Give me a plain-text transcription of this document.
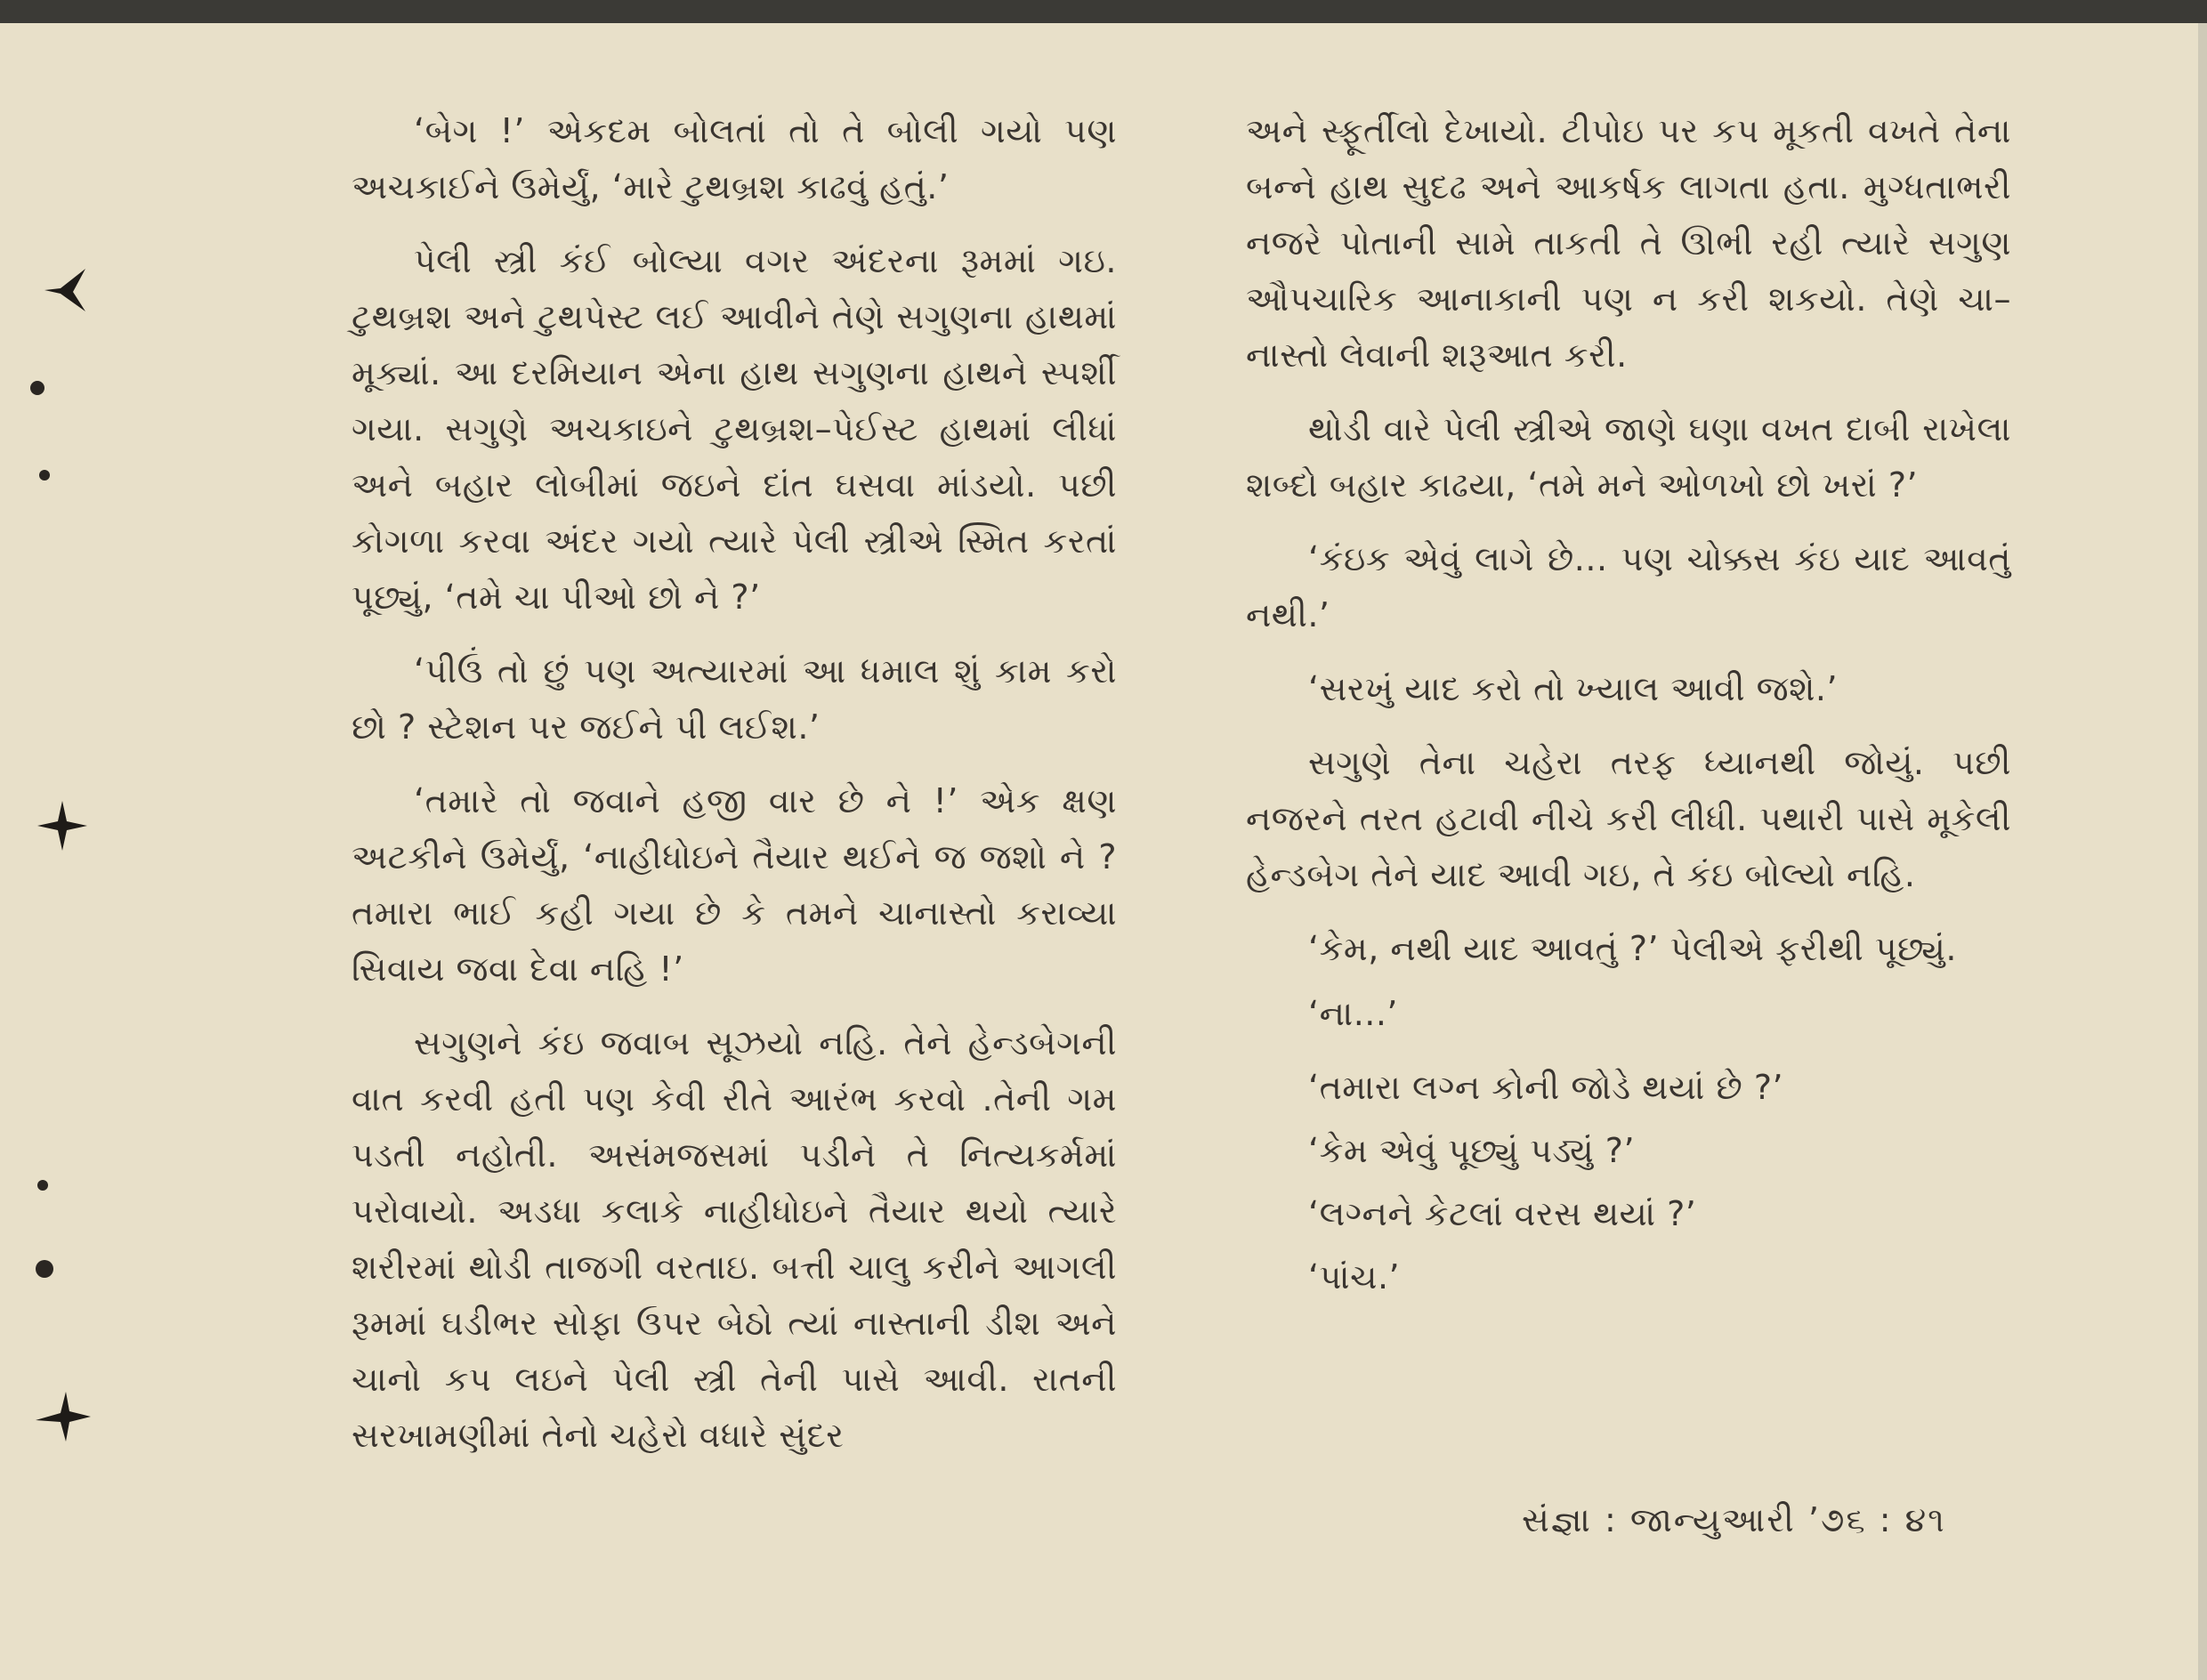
‘બેગ !’ એકદમ બોલતાં તો તે બોલી ગયો પણ અચકાઈને ઉમેર્યું, ‘મારે ટુથબ્રશ કાઢવું હતું.’

પેલી સ્ત્રી કંઈ બોલ્યા વગર અંદરના રૂમમાં ગઇ. ટુથબ્રશ અને ટુથપેસ્ટ લઈ આવીને તેણે સગુણના હાથમાં મૂક્યાં. આ દરમિયાન એના હાથ સગુણના હાથને સ્પર્શી ગયા. સગુણે અચકાઇને ટુથબ્રશ–પેઈસ્ટ હાથમાં લીધાં અને બહાર લોબીમાં જઇને દાંત ઘસવા માંડયો. પછી કોગળા કરવા અંદર ગયો ત્યારે પેલી સ્ત્રીએ સ્મિત કરતાં પૂછ્યું, ‘તમે ચા પીઓ છો ને ?’

‘પીઉં તો છું પણ અત્યારમાં આ ધમાલ શું કામ કરો છો ? સ્ટેશન પર જઈને પી લઈશ.’

‘તમારે તો જવાને હજી વાર છે ને !’ એક ક્ષણ અટકીને ઉમેર્યું, ‘નાહીધોઇને તૈયાર થઈને જ જશો ને ? તમારા ભાઈ કહી ગયા છે કે તમને ચાનાસ્તો કરાવ્યા સિવાય જવા દેવા નહિ !’

સગુણને કંઇ જવાબ સૂઝયો નહિ. તેને હેન્ડબેગની વાત કરવી હતી પણ કેવી રીતે આરંભ કરવો .તેની ગમ પડતી નહોતી. અસંમજસમાં પડીને તે નિત્યકર્મમાં પરોવાયો. અડધા કલાકે નાહીધોઇને તૈયાર થયો ત્યારે શરીરમાં થોડી તાજગી વરતાઇ. બત્તી ચાલુ કરીને આગલી રૂમમાં ઘડીભર સોફા ઉપર બેઠો ત્યાં નાસ્તાની ડીશ અને ચાનો કપ લઇને પેલી સ્ત્રી તેની પાસે આવી. રાતની સરખામણીમાં તેનો ચહેરો વધારે સુંદર

અને સ્ફૂર્તીલો દેખાયો. ટીપોઇ પર કપ મૂકતી વખતે તેના બન્ને હાથ સુદઢ અને આકર્ષક લાગતા હતા. મુગ્ધતાભરી નજરે પોતાની સામે તાકતી તે ઊભી રહી ત્યારે સગુણ ઔપચારિક આનાકાની પણ ન કરી શકયો. તેણે ચા–નાસ્તો લેવાની શરૂઆત કરી.

થોડી વારે પેલી સ્ત્રીએ જાણે ઘણા વખત દાબી રાખેલા શબ્દો બહાર કાઢયા, ‘તમે મને ઓળખો છો ખરાં ?’

‘કંઇક એવું લાગે છે... પણ ચોક્કસ કંઇ યાદ આવતું નથી.’

‘સરખું યાદ કરો તો ખ્યાલ આવી જશે.’

સગુણે તેના ચહેરા તરફ ધ્યાનથી જોયું. પછી નજરને તરત હટાવી નીચે કરી લીધી. પથારી પાસે મૂકેલી હેન્ડબેગ તેને યાદ આવી ગઇ, તે કંઇ બોલ્યો નહિ.

‘કેમ, નથી યાદ આવતું ?’ પેલીએ ફરીથી પૂછ્યું.

‘ના...’

‘તમારા લગ્ન કોની જોડે થયાં છે ?’

‘કેમ એવું પૂછ્યું પડ્યું ?’

‘લગ્નને કેટલાં વરસ થયાં ?’

‘પાંચ.’

સંજ્ઞા : જાન્યુઆરી ’૭૬ : ૪૧
